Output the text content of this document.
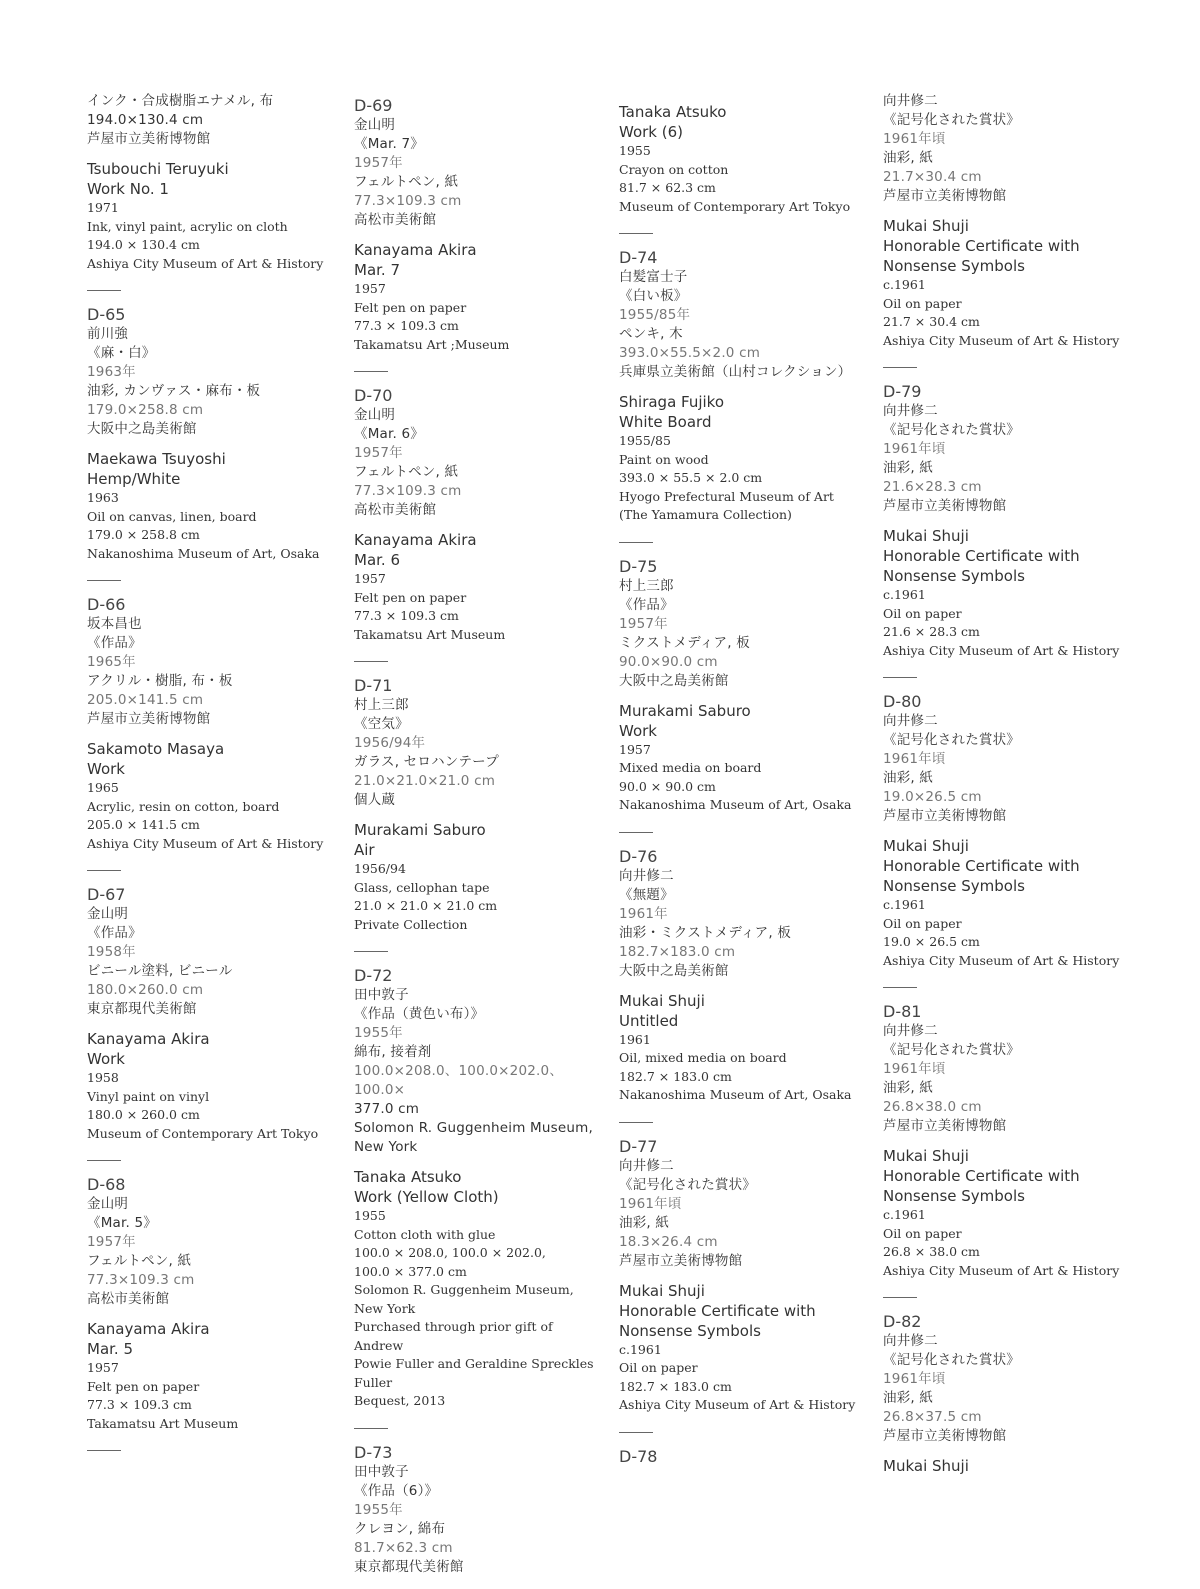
インク・合成樹脂エナメル, 布
194.0×130.4 cm
芦屋市立美術博物館
Tsubouchi Teruyuki
Work No. 1
1971
Ink, vinyl paint, acrylic on cloth
194.0 × 130.4 cm
Ashiya City Museum of Art & History
D-65
前川強
《麻・白》
1963年
油彩, カンヴァス・麻布・板
179.0×258.8 cm
大阪中之島美術館
Maekawa Tsuyoshi
Hemp/White
1963
Oil on canvas, linen, board
179.0 × 258.8 cm
Nakanoshima Museum of Art, Osaka
D-66
坂本昌也
《作品》
1965年
アクリル・樹脂, 布・板
205.0×141.5 cm
芦屋市立美術博物館
Sakamoto Masaya
Work
1965
Acrylic, resin on cotton, board
205.0 × 141.5 cm
Ashiya City Museum of Art & History
D-67
金山明
《作品》
1958年
ビニール塗料, ビニール
180.0×260.0 cm
東京都現代美術館
Kanayama Akira
Work
1958
Vinyl paint on vinyl
180.0 × 260.0 cm
Museum of Contemporary Art Tokyo
D-68
金山明
《Mar. 5》
1957年
フェルトペン, 紙
77.3×109.3 cm
高松市美術館
Kanayama Akira
Mar. 5
1957
Felt pen on paper
77.3 × 109.3 cm
Takamatsu Art Museum
D-69
金山明
《Mar. 7》
1957年
フェルトペン, 紙
77.3×109.3 cm
高松市美術館
Kanayama Akira
Mar. 7
1957
Felt pen on paper
77.3 × 109.3 cm
Takamatsu Art ;Museum
D-70
金山明
《Mar. 6》
1957年
フェルトペン, 紙
77.3×109.3 cm
高松市美術館
Kanayama Akira
Mar. 6
1957
Felt pen on paper
77.3 × 109.3 cm
Takamatsu Art Museum
D-71
村上三郎
《空気》
1956/94年
ガラス, セロハンテープ
21.0×21.0×21.0 cm
個人蔵
Murakami Saburo
Air
1956/94
Glass, cellophan tape
21.0 × 21.0 × 21.0 cm
Private Collection
D-72
田中敦子
《作品（黄色い布）》
1955年
綿布, 接着剤
100.0×208.0、100.0×202.0、100.0×
377.0 cm
Solomon R. Guggenheim Museum, New York
Tanaka Atsuko
Work (Yellow Cloth)
1955
Cotton cloth with glue
100.0 × 208.0, 100.0 × 202.0,
100.0 × 377.0 cm
Solomon R. Guggenheim Museum, New York
Purchased through prior gift of Andrew
Powie Fuller and Geraldine Spreckles Fuller
Bequest, 2013
D-73
田中敦子
《作品（6）》
1955年
クレヨン, 綿布
81.7×62.3 cm
東京都現代美術館
Tanaka Atsuko
Work (6)
1955
Crayon on cotton
81.7 × 62.3 cm
Museum of Contemporary Art Tokyo
D-74
白髪富士子
《白い板》
1955/85年
ペンキ, 木
393.0×55.5×2.0 cm
兵庫県立美術館（山村コレクション）
Shiraga Fujiko
White Board
1955/85
Paint on wood
393.0 × 55.5 × 2.0 cm
Hyogo Prefectural Museum of Art
(The Yamamura Collection)
D-75
村上三郎
《作品》
1957年
ミクストメディア, 板
90.0×90.0 cm
大阪中之島美術館
Murakami Saburo
Work
1957
Mixed media on board
90.0 × 90.0 cm
Nakanoshima Museum of Art, Osaka
D-76
向井修二
《無題》
1961年
油彩・ミクストメディア, 板
182.7×183.0 cm
大阪中之島美術館
Mukai Shuji
Untitled
1961
Oil, mixed media on board
182.7 × 183.0 cm
Nakanoshima Museum of Art, Osaka
D-77
向井修二
《記号化された賞状》
1961年頃
油彩, 紙
18.3×26.4 cm
芦屋市立美術博物館
Mukai Shuji
Honorable Certificate with Nonsense Symbols
c.1961
Oil on paper
182.7 × 183.0 cm
Ashiya City Museum of Art & History
D-78
向井修二
《記号化された賞状》
1961年頃
油彩, 紙
21.7×30.4 cm
芦屋市立美術博物館
Mukai Shuji
Honorable Certificate with Nonsense Symbols
c.1961
Oil on paper
21.7 × 30.4 cm
Ashiya City Museum of Art & History
D-79
向井修二
《記号化された賞状》
1961年頃
油彩, 紙
21.6×28.3 cm
芦屋市立美術博物館
Mukai Shuji
Honorable Certificate with Nonsense Symbols
c.1961
Oil on paper
21.6 × 28.3 cm
Ashiya City Museum of Art & History
D-80
向井修二
《記号化された賞状》
1961年頃
油彩, 紙
19.0×26.5 cm
芦屋市立美術博物館
Mukai Shuji
Honorable Certificate with Nonsense Symbols
c.1961
Oil on paper
19.0 × 26.5 cm
Ashiya City Museum of Art & History
D-81
向井修二
《記号化された賞状》
1961年頃
油彩, 紙
26.8×38.0 cm
芦屋市立美術博物館
Mukai Shuji
Honorable Certificate with Nonsense Symbols
c.1961
Oil on paper
26.8 × 38.0 cm
Ashiya City Museum of Art & History
D-82
向井修二
《記号化された賞状》
1961年頃
油彩, 紙
26.8×37.5 cm
芦屋市立美術博物館
Mukai Shuji
